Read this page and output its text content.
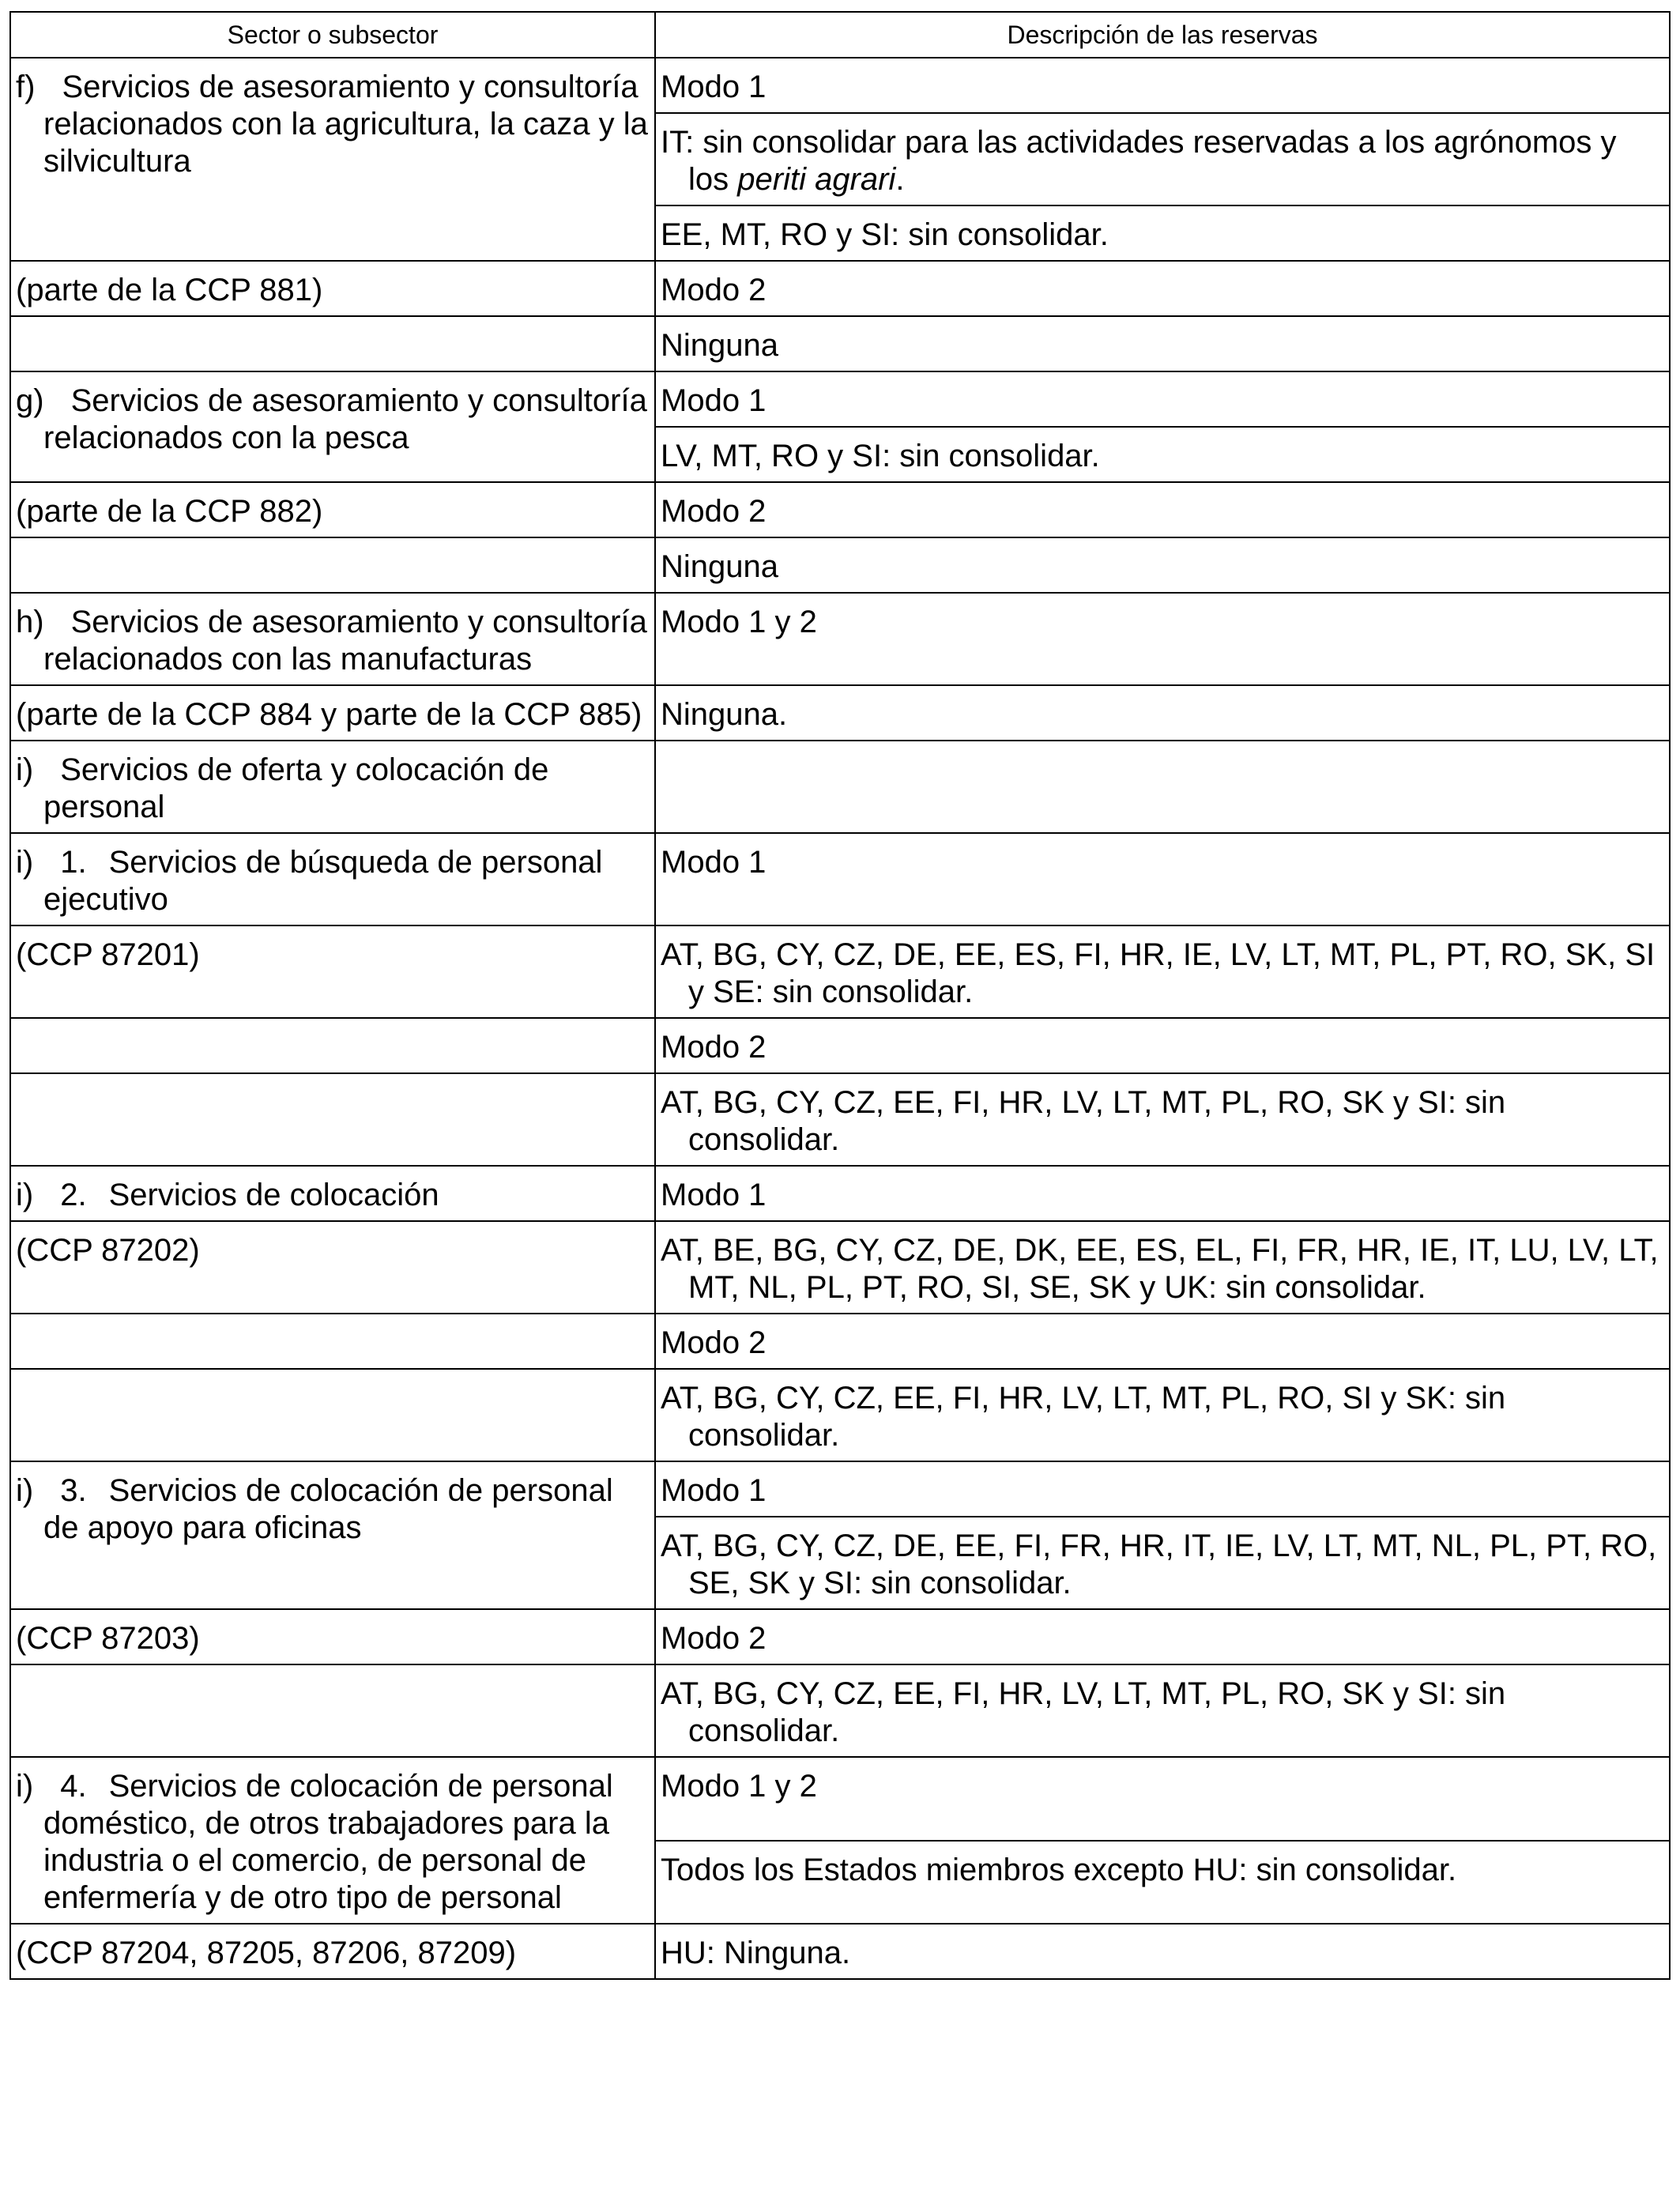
Sector o subsector	Descripción de las reservas

f) Servicios de asesoramiento y consultoría relacionados con la agricultura, la caza y la silvicultura	Modo 1

	IT: sin consolidar para las actividades reservadas a los agrónomos y los periti agrari.

	EE, MT, RO y SI: sin consolidar.
(parte de la CCP 881)	Modo 2
	Ninguna

g) Servicios de asesoramiento y consultoría relacionados con la pesca	Modo 1
	LV, MT, RO y SI: sin consolidar.
(parte de la CCP 882)	Modo 2
	Ninguna

h) Servicios de asesoramiento y consultoría relacionados con las manufacturas	Modo 1 y 2

(parte de la CCP 884 y parte de la CCP 885)	Ninguna.

i) Servicios de oferta y colocación de personal	

i) 1. Servicios de búsqueda de personal ejecutivo	Modo 1
(CCP 87201)	AT, BG, CY, CZ, DE, EE, ES, FI, HR, IE, LV, LT, MT, PL, PT, RO, SK, SI y SE: sin consolidar.

	Modo 2

	AT, BG, CY, CZ, EE, FI, HR, LV, LT, MT, PL, RO, SK y SI: sin consolidar.

i) 2. Servicios de colocación	Modo 1
(CCP 87202)	AT, BE, BG, CY, CZ, DE, DK, EE, ES, EL, FI, FR, HR, IE, IT, LU, LV, LT, MT, NL, PL, PT, RO, SI, SE, SK y UK: sin consolidar.

	Modo 2

	AT, BG, CY, CZ, EE, FI, HR, LV, LT, MT, PL, RO, SI y SK: sin consolidar.

i) 3. Servicios de colocación de personal de apoyo para oficinas	Modo 1

	AT, BG, CY, CZ, DE, EE, FI, FR, HR, IT, IE, LV, LT, MT, NL, PL, PT, RO, SE, SK y SI: sin consolidar.

(CCP 87203)	Modo 2

	AT, BG, CY, CZ, EE, FI, HR, LV, LT, MT, PL, RO, SK y SI: sin consolidar.

i) 4. Servicios de colocación de personal doméstico, de otros trabajadores para la industria o el comercio, de personal de enfermería y de otro tipo de personal	Modo 1 y 2
	Todos los Estados miembros excepto HU: sin consolidar.
(CCP 87204, 87205, 87206, 87209)	HU: Ninguna.
